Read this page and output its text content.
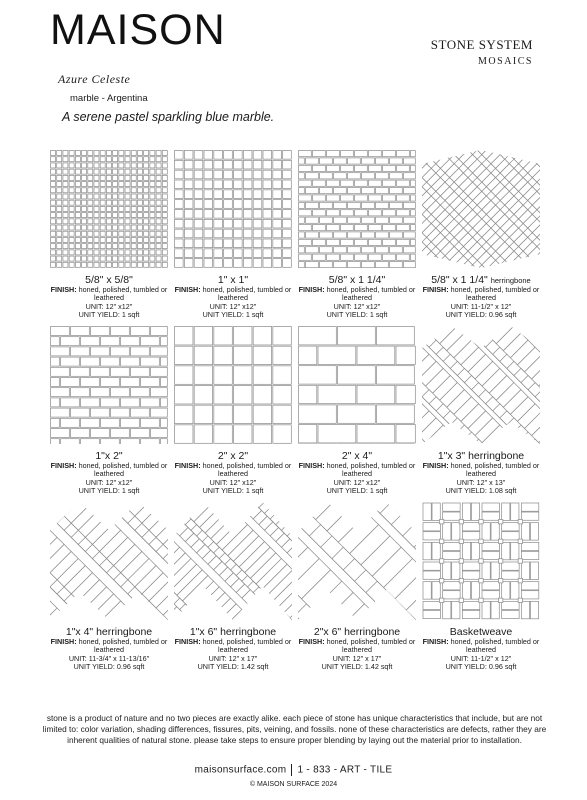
MAISON	STONE SYSTEM
MOSAICS
Azure Celeste
marble - Argentina
A serene pastel sparkling blue marble.
5/8" x 5/8"
FINISH: honed, polished, tumbled or leathered
UNIT: 12" x12"
UNIT YIELD: 1 sqft
1" x 1"
FINISH: honed, polished, tumbled or leathered
UNIT: 12" x12"
UNIT YIELD: 1 sqft
5/8" x 1 1/4"
FINISH: honed, polished, tumbled or leathered
UNIT: 12" x12"
UNIT YIELD: 1 sqft
5/8" x 1 1/4" herringbone
FINISH: honed, polished, tumbled or leathered
UNIT: 11-1/2" x 12"
UNIT YIELD: 0.96 sqft
1"x 2"
FINISH: honed, polished, tumbled or leathered
UNIT: 12" x12"
UNIT YIELD: 1 sqft
2" x 2"
FINISH: honed, polished, tumbled or leathered
UNIT: 12" x12"
UNIT YIELD: 1 sqft
2" x 4"
FINISH: honed, polished, tumbled or leathered
UNIT: 12" x12"
UNIT YIELD: 1 sqft
1"x 3" herringbone
FINISH: honed, polished, tumbled or leathered
UNIT: 12" x 13"
UNIT YIELD: 1.08 sqft
1"x 4" herringbone
FINISH: honed, polished, tumbled or leathered
UNIT: 11-3/4" x 11-13/16"
UNIT YIELD: 0.96 sqft
1"x 6" herringbone
FINISH: honed, polished, tumbled or leathered
UNIT: 12" x 17"
UNIT YIELD: 1.42 sqft
2"x 6" herringbone
FINISH: honed, polished, tumbled or leathered
UNIT: 12" x 17"
UNIT YIELD: 1.42 sqft
Basketweave
FINISH: honed, polished, tumbled or leathered
UNIT: 11-1/2" x 12"
UNIT YIELD: 0.96 sqft
stone is a product of nature and no two pieces are exactly alike. each piece of stone has unique characteristics that include, but are not limited to: color variation, shading differences, fissures, pits, veining, and fossils. none of these characteristics are defects, rather they are inherent qualities of natural stone. please take steps to ensure proper blending by laying out the material prior to installation.
maisonsurface.com 1 - 833 - ART - TILE
© MAISON SURFACE 2024
